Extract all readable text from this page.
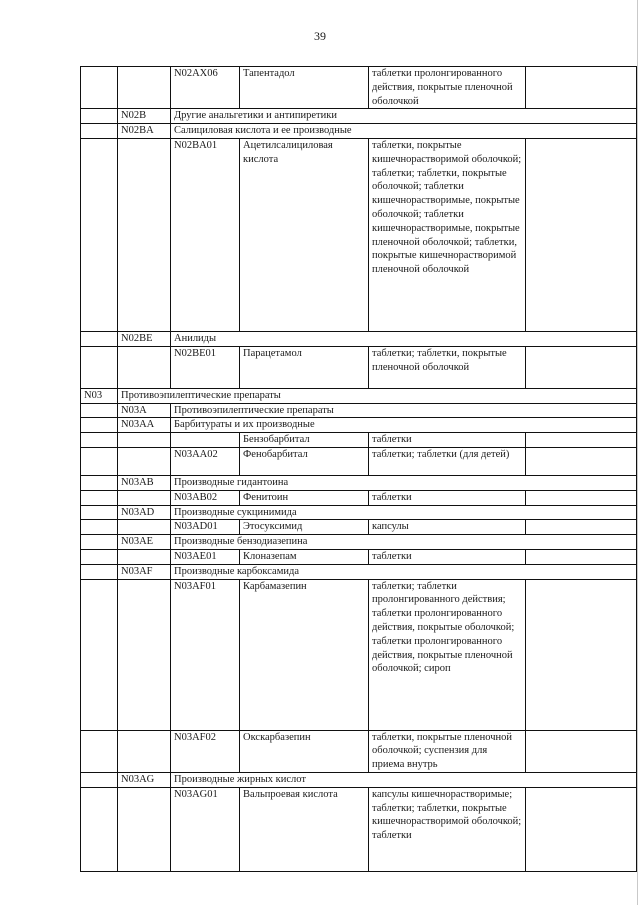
39
		N02AX06	Тапентадол	таблетки пролонгированного действия, покрытые пленочной оболочкой	
	N02B	Другие анальгетики и антипиретики			
	N02BA	Салициловая кислота и ее производные			
		N02BA01	Ацетилсалициловая кислота	таблетки, покрытые кишечнорастворимой оболочкой; таблетки; таблетки, покрытые оболочкой; таблетки кишечнорастворимые, покрытые оболочкой; таблетки кишечнорастворимые, покрытые пленочной оболочкой; таблетки, покрытые кишечнорастворимой пленочной оболочкой	
	N02BE	Анилиды			
		N02BE01	Парацетамол	таблетки; таблетки, покрытые пленочной оболочкой	
N03	Противоэпилептические препараты				
	N03A	Противоэпилептические препараты			
	N03AA	Барбитураты и их производные			
			Бензобарбитал	таблетки	
		N03AA02	Фенобарбитал	таблетки; таблетки (для детей)	
	N03AB	Производные гидантоина			
		N03AB02	Фенитоин	таблетки	
	N03AD	Производные сукцинимида			
		N03AD01	Этосуксимид	капсулы	
	N03AE	Производные бензодиазепина			
		N03AE01	Клоназепам	таблетки	
	N03AF	Производные карбоксамида			
		N03AF01	Карбамазепин	таблетки; таблетки пролонгированного действия; таблетки пролонгированного действия, покрытые оболочкой; таблетки пролонгированного действия, покрытые пленочной оболочкой; сироп	
		N03AF02	Окскарбазепин	таблетки, покрытые пленочной оболочкой; суспензия для приема внутрь	
	N03AG	Производные жирных кислот			
		N03AG01	Вальпроевая кислота	капсулы кишечнорастворимые; таблетки; таблетки, покрытые кишечнорастворимой оболочкой; таблетки	
